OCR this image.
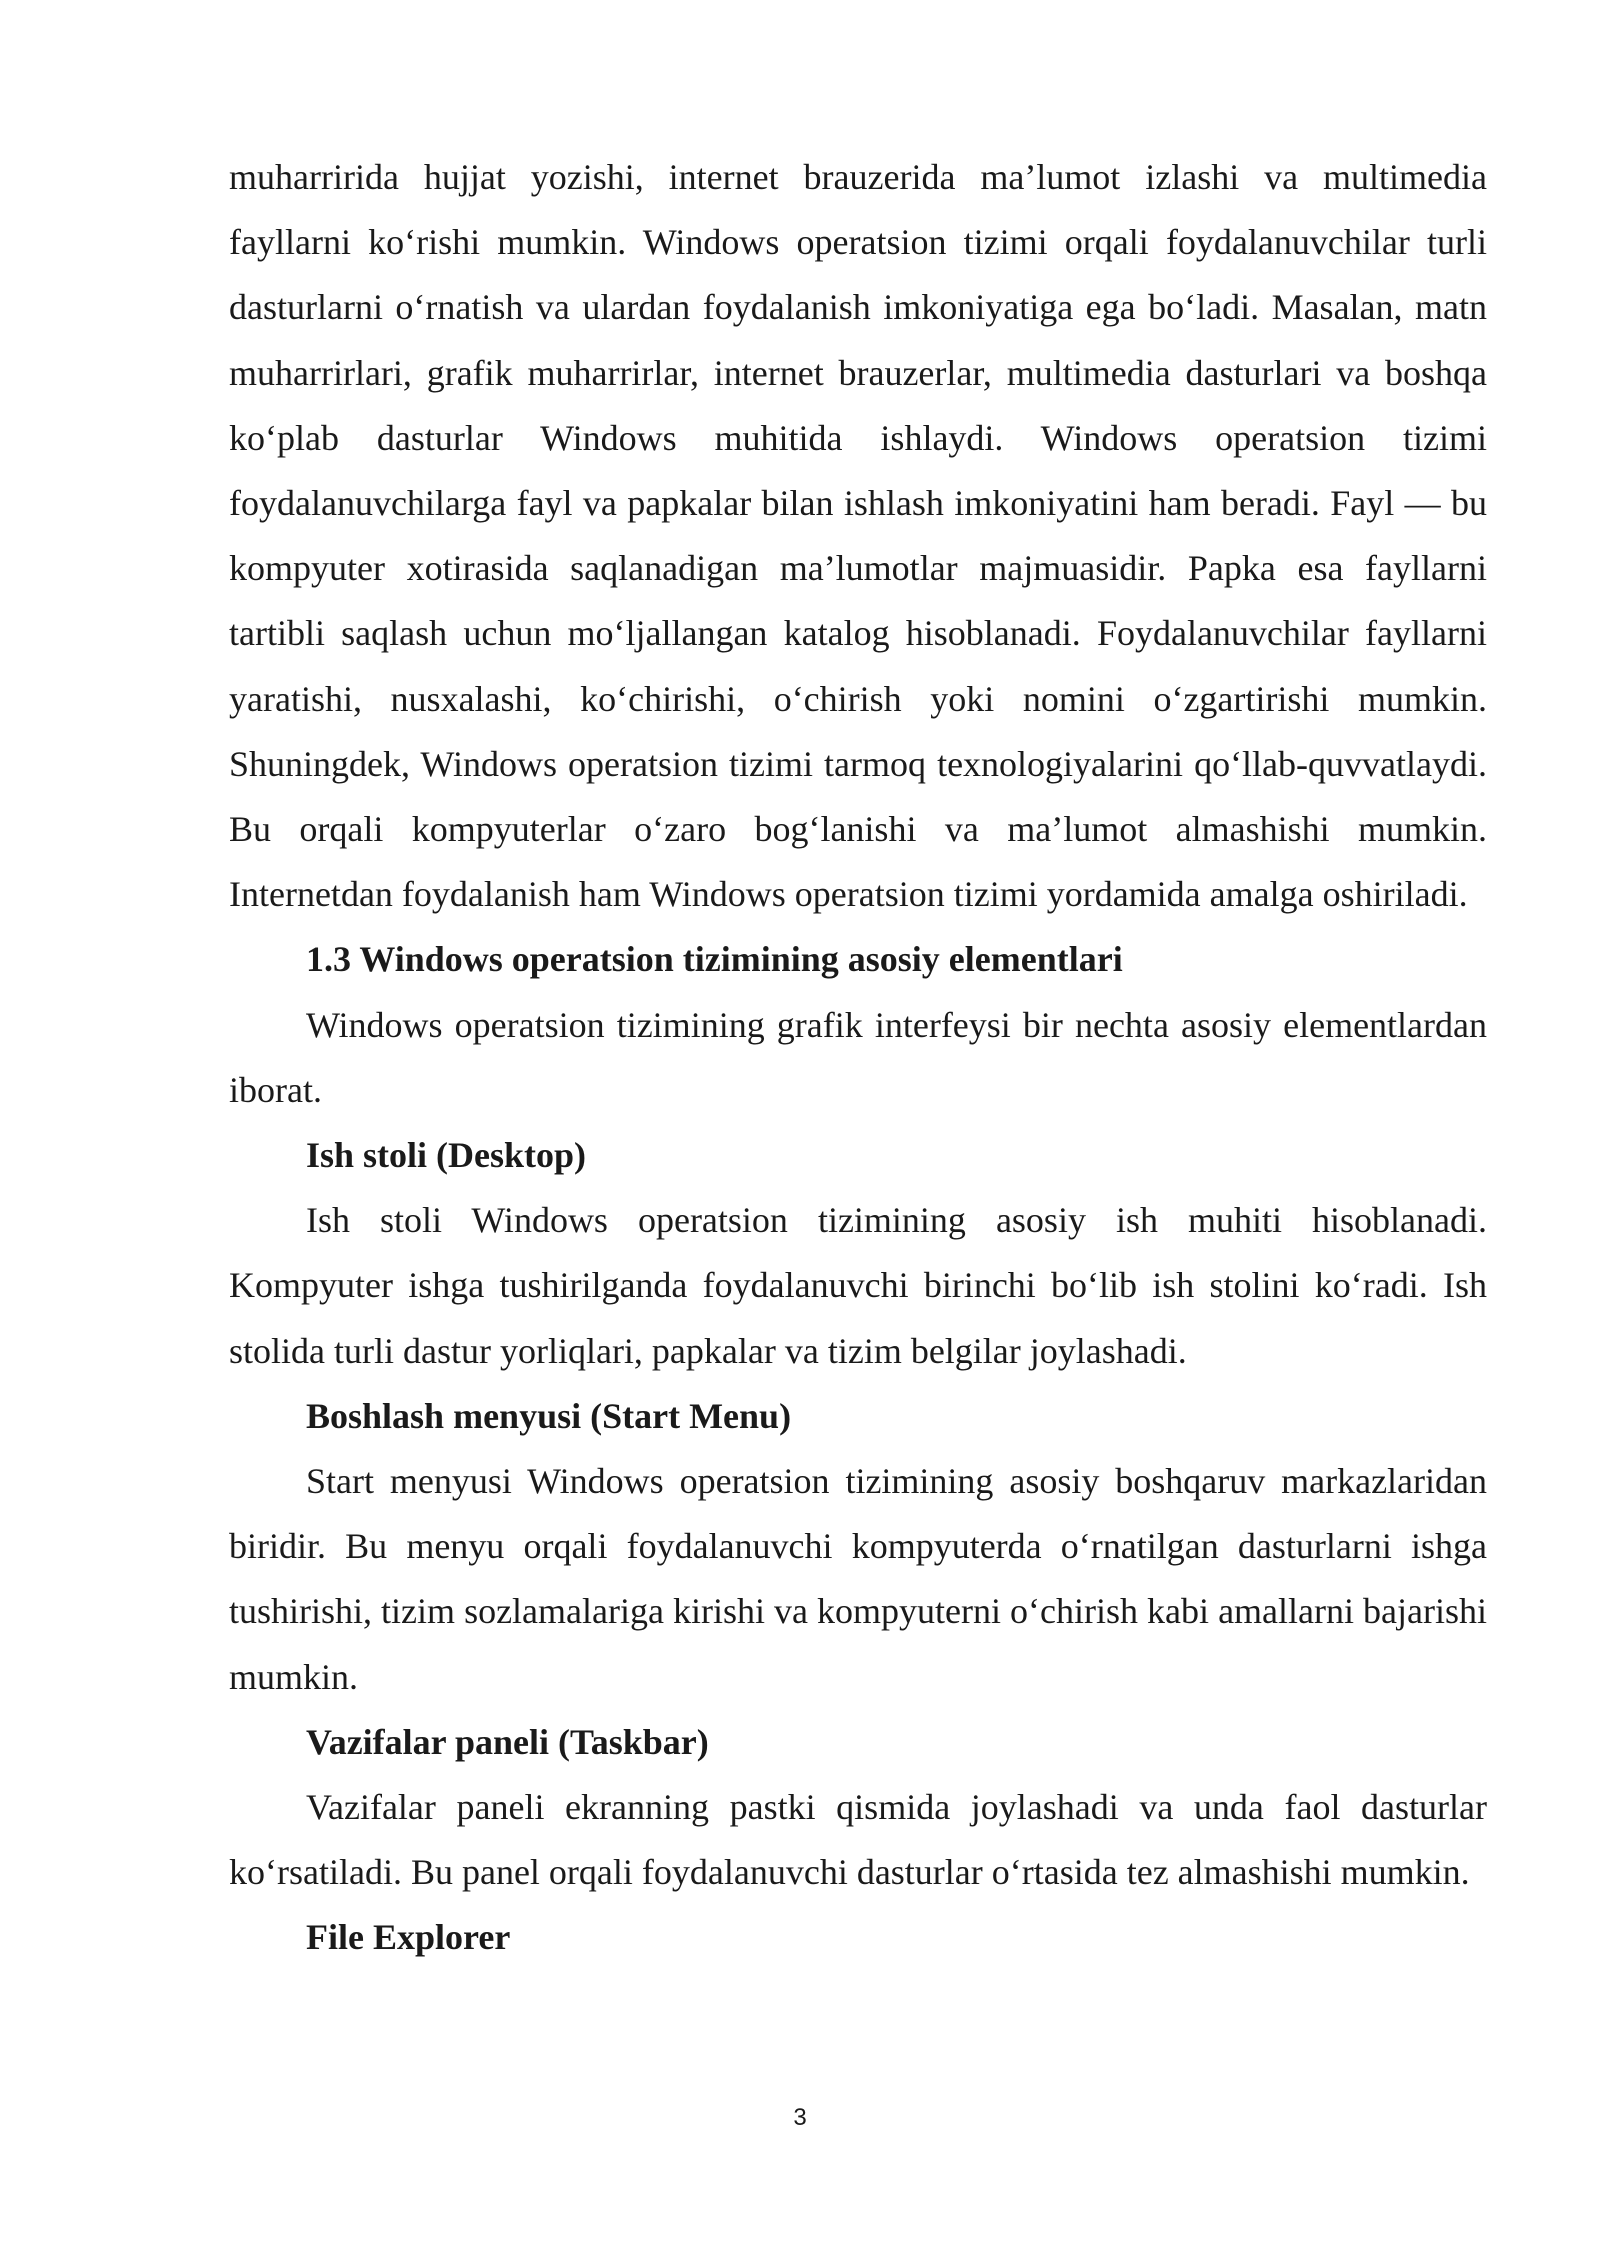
muharririda hujjat yozishi, internet brauzerida ma’lumot izlashi va multimedia fayllarni ko‘rishi mumkin. Windows operatsion tizimi orqali foydalanuvchilar turli dasturlarni o‘rnatish va ulardan foydalanish imkoniyatiga ega bo‘ladi. Masalan, matn muharrirlari, grafik muharrirlar, internet brauzerlar, multimedia dasturlari va boshqa ko‘plab dasturlar Windows muhitida ishlaydi. Windows operatsion tizimi foydalanuvchilarga fayl va papkalar bilan ishlash imkoniyatini ham beradi. Fayl — bu kompyuter xotirasida saqlanadigan ma’lumotlar majmuasidir. Papka esa fayllarni tartibli saqlash uchun mo‘ljallangan katalog hisoblanadi. Foydalanuvchilar fayllarni yaratishi, nusxalashi, ko‘chirishi, o‘chirish yoki nomini o‘zgartirishi mumkin. Shuningdek, Windows operatsion tizimi tarmoq texnologiyalarini qo‘llab-quvvatlaydi. Bu orqali kompyuterlar o‘zaro bog‘lanishi va ma’lumot almashishi mumkin. Internetdan foydalanish ham Windows operatsion tizimi yordamida amalga oshiriladi.

1.3 Windows operatsion tizimining asosiy elementlari

Windows operatsion tizimining grafik interfeysi bir nechta asosiy elementlardan iborat.

Ish stoli (Desktop)

Ish stoli Windows operatsion tizimining asosiy ish muhiti hisoblanadi. Kompyuter ishga tushirilganda foydalanuvchi birinchi bo‘lib ish stolini ko‘radi. Ish stolida turli dastur yorliqlari, papkalar va tizim belgilar joylashadi.

Boshlash menyusi (Start Menu)

Start menyusi Windows operatsion tizimining asosiy boshqaruv markazlaridan biridir. Bu menyu orqali foydalanuvchi kompyuterda o‘rnatilgan dasturlarni ishga tushirishi, tizim sozlamalariga kirishi va kompyuterni o‘chirish kabi amallarni bajarishi mumkin.

Vazifalar paneli (Taskbar)

Vazifalar paneli ekranning pastki qismida joylashadi va unda faol dasturlar ko‘rsatiladi. Bu panel orqali foydalanuvchi dasturlar o‘rtasida tez almashishi mumkin.

File Explorer
3
